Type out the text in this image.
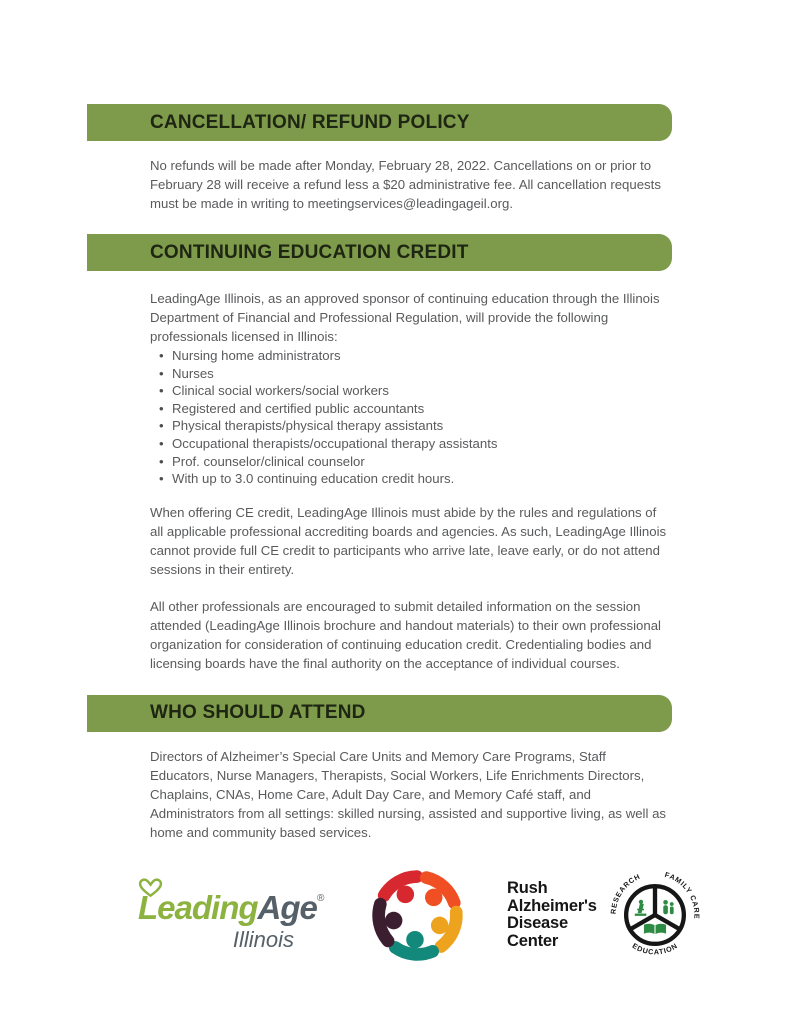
CANCELLATION/ REFUND POLICY

No refunds will be made after Monday, February 28, 2022. Cancellations on or prior to February 28 will receive a refund less a $20 administrative fee. All cancellation requests must be made in writing to meetingservices@leadingageil.org.

CONTINUING EDUCATION CREDIT

LeadingAge Illinois, as an approved sponsor of continuing education through the Illinois Department of Financial and Professional Regulation, will provide the following professionals licensed in Illinois:

• Nursing home administrators
• Nurses
• Clinical social workers/social workers
• Registered and certified public accountants
• Physical therapists/physical therapy assistants
• Occupational therapists/occupational therapy assistants
• Prof. counselor/clinical counselor
• With up to 3.0 continuing education credit hours.

When offering CE credit, LeadingAge Illinois must abide by the rules and regulations of all applicable professional accrediting boards and agencies. As such, LeadingAge Illinois cannot provide full CE credit to participants who arrive late, leave early, or do not attend sessions in their entirety.

All other professionals are encouraged to submit detailed information on the session attended (LeadingAge Illinois brochure and handout materials) to their own professional organization for consideration of continuing education credit. Credentialing bodies and licensing boards have the final authority on the acceptance of individual courses.

WHO SHOULD ATTEND

Directors of Alzheimer’s Special Care Units and Memory Care Programs, Staff Educators, Nurse Managers, Therapists, Social Workers, Life Enrichments Directors, Chaplains, CNAs, Home Care, Adult Day Care, and Memory Café staff, and Administrators from all settings: skilled nursing, assisted and supportive living, as well as home and community based services.

LeadingAge®
Illinois
Rush
Alzheimer's
Disease
Center
RESEARCH	FAMILY CARE
EDUCATION
